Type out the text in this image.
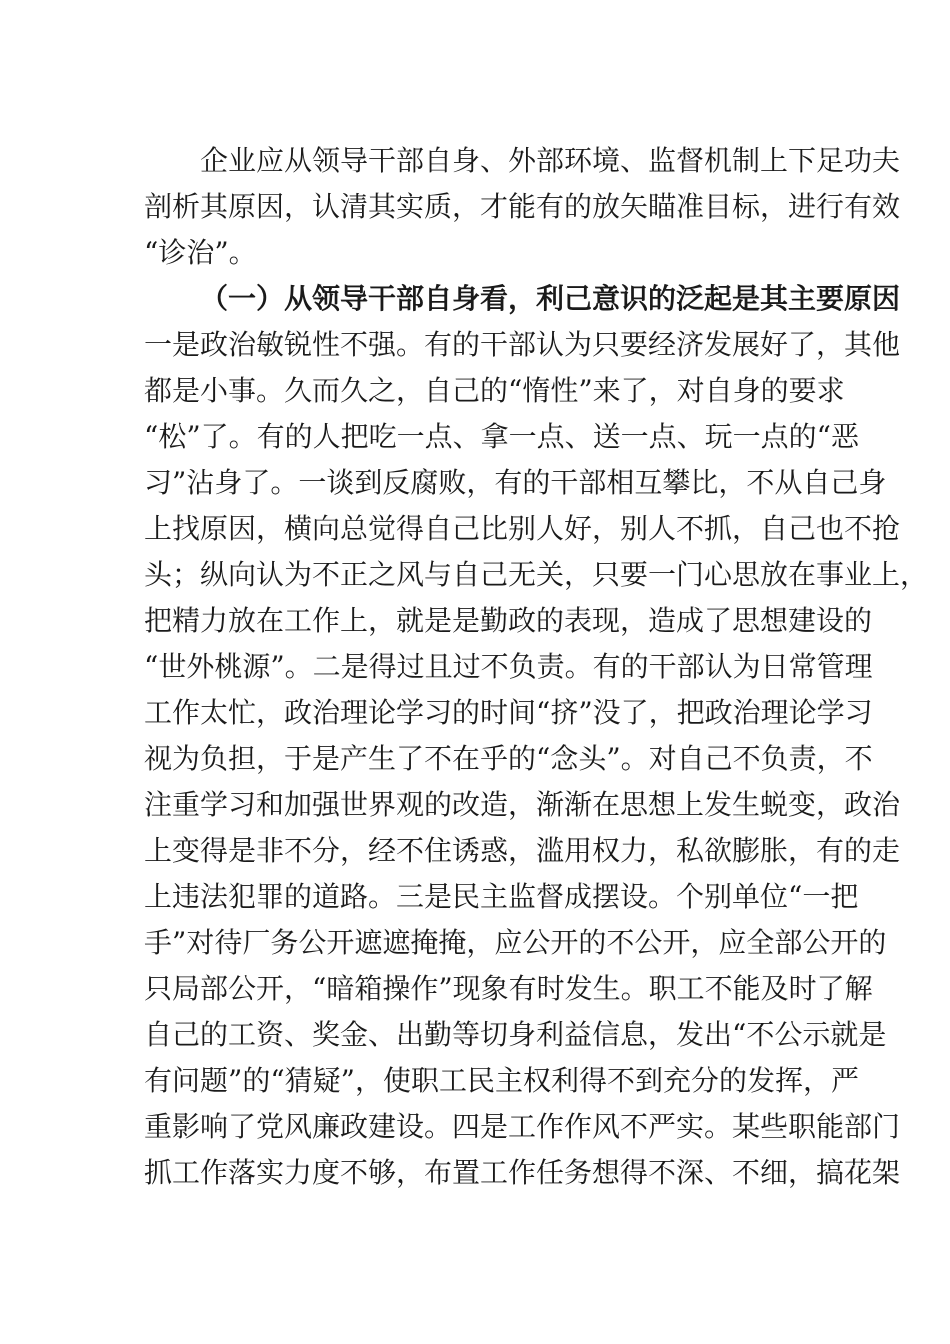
企业应从领导干部自身、外部环境、监督机制上下足功夫
剖析其原因，认清其实质，才能有的放矢瞄准目标，进行有效
“诊治”。
（一）从领导干部自身看，利己意识的泛起是其主要原因
一是政治敏锐性不强。有的干部认为只要经济发展好了，其他
都是小事。久而久之，自己的“惰性”来了，对自身的要求
“松”了。有的人把吃一点、拿一点、送一点、玩一点的“恶
习”沾身了。一谈到反腐败，有的干部相互攀比，不从自己身
上找原因，横向总觉得自己比别人好，别人不抓，自己也不抢
头；纵向认为不正之风与自己无关，只要一门心思放在事业上，
把精力放在工作上，就是是勤政的表现，造成了思想建设的
“世外桃源”。二是得过且过不负责。有的干部认为日常管理
工作太忙，政治理论学习的时间“挤”没了，把政治理论学习
视为负担，于是产生了不在乎的“念头”。对自己不负责，不
注重学习和加强世界观的改造，渐渐在思想上发生蜕变，政治
上变得是非不分，经不住诱惑，滥用权力，私欲膨胀，有的走
上违法犯罪的道路。三是民主监督成摆设。个别单位“一把
手”对待厂务公开遮遮掩掩，应公开的不公开，应全部公开的
只局部公开，“暗箱操作”现象有时发生。职工不能及时了解
自己的工资、奖金、出勤等切身利益信息，发出“不公示就是
有问题”的“猜疑”，使职工民主权利得不到充分的发挥，严
重影响了党风廉政建设。四是工作作风不严实。某些职能部门
抓工作落实力度不够，布置工作任务想得不深、不细，搞花架
